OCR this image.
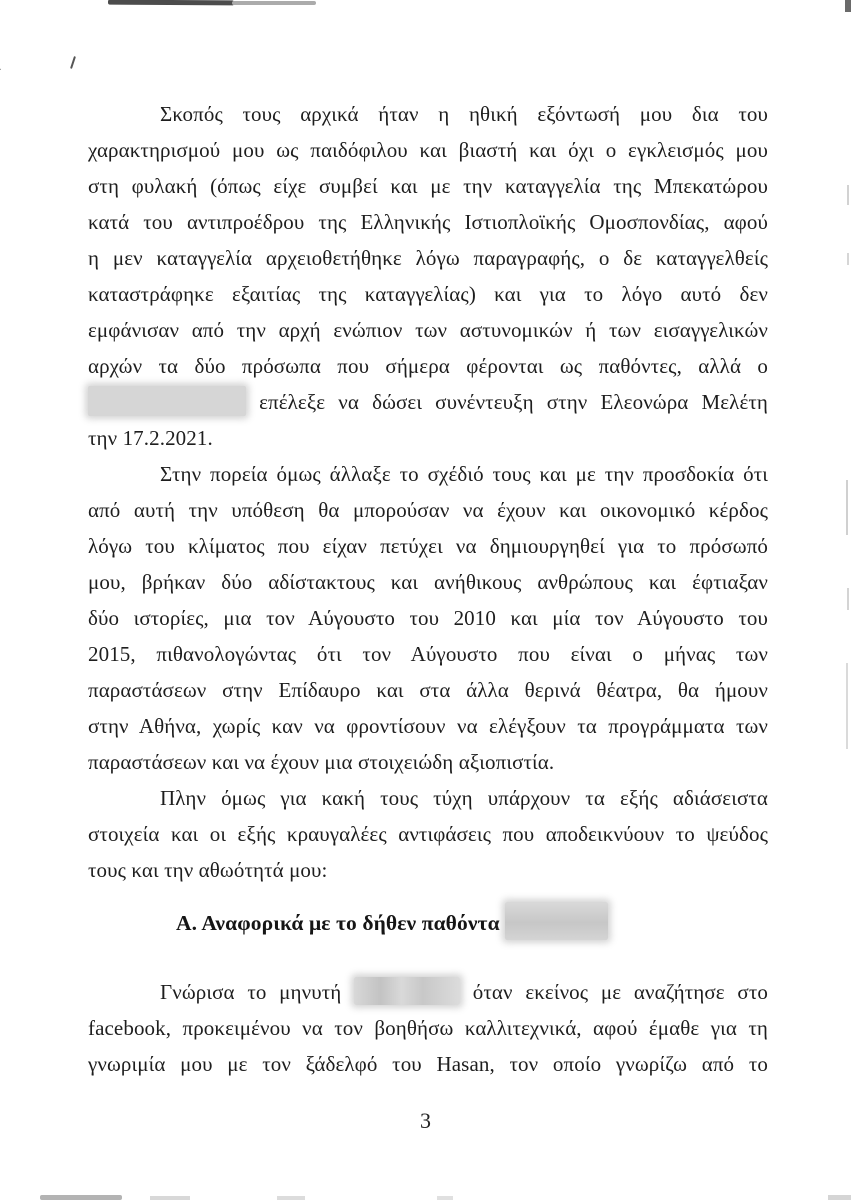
Σκοπός τους αρχικά ήταν η ηθική εξόντωσή μου δια του
χαρακτηρισμού μου ως παιδόφιλου και βιαστή και όχι ο εγκλεισμός μου
στη φυλακή (όπως είχε συμβεί και με την καταγγελία της Μπεκατώρου
κατά του αντιπροέδρου της Ελληνικής Ιστιοπλοϊκής Ομοσπονδίας, αφού
η μεν καταγγελία αρχειοθετήθηκε λόγω παραγραφής, ο δε καταγγελθείς
καταστράφηκε εξαιτίας της καταγγελίας) και για το λόγο αυτό δεν
εμφάνισαν από την αρχή ενώπιον των αστυνομικών ή των εισαγγελικών
αρχών τα δύο πρόσωπα που σήμερα φέρονται ως παθόντες, αλλά ο
επέλεξε να δώσει συνέντευξη στην Ελεονώρα Μελέτη
την 17.2.2021.
Στην πορεία όμως άλλαξε το σχέδιό τους και με την προσδοκία ότι
από αυτή την υπόθεση θα μπορούσαν να έχουν και οικονομικό κέρδος
λόγω του κλίματος που είχαν πετύχει να δημιουργηθεί για το πρόσωπό
μου, βρήκαν δύο αδίστακτους και ανήθικους ανθρώπους και έφτιαξαν
δύο ιστορίες, μια τον Αύγουστο του 2010 και μία τον Αύγουστο του
2015, πιθανολογώντας ότι τον Αύγουστο που είναι ο μήνας των
παραστάσεων στην Επίδαυρο και στα άλλα θερινά θέατρα, θα ήμουν
στην Αθήνα, χωρίς καν να φροντίσουν να ελέγξουν τα προγράμματα των
παραστάσεων και να έχουν μια στοιχειώδη αξιοπιστία.
Πλην όμως για κακή τους τύχη υπάρχουν τα εξής αδιάσειστα
στοιχεία και οι εξής κραυγαλέες αντιφάσεις που αποδεικνύουν το ψεύδος
τους και την αθωότητά μου:
Α. Αναφορικά με το δήθεν παθόντα
Γνώρισα το μηνυτή	όταν εκείνος με αναζήτησε στο
facebook, προκειμένου να τον βοηθήσω καλλιτεχνικά, αφού έμαθε για τη
γνωριμία μου με τον ξάδελφό του Hasan, τον οποίο γνωρίζω από το
3
